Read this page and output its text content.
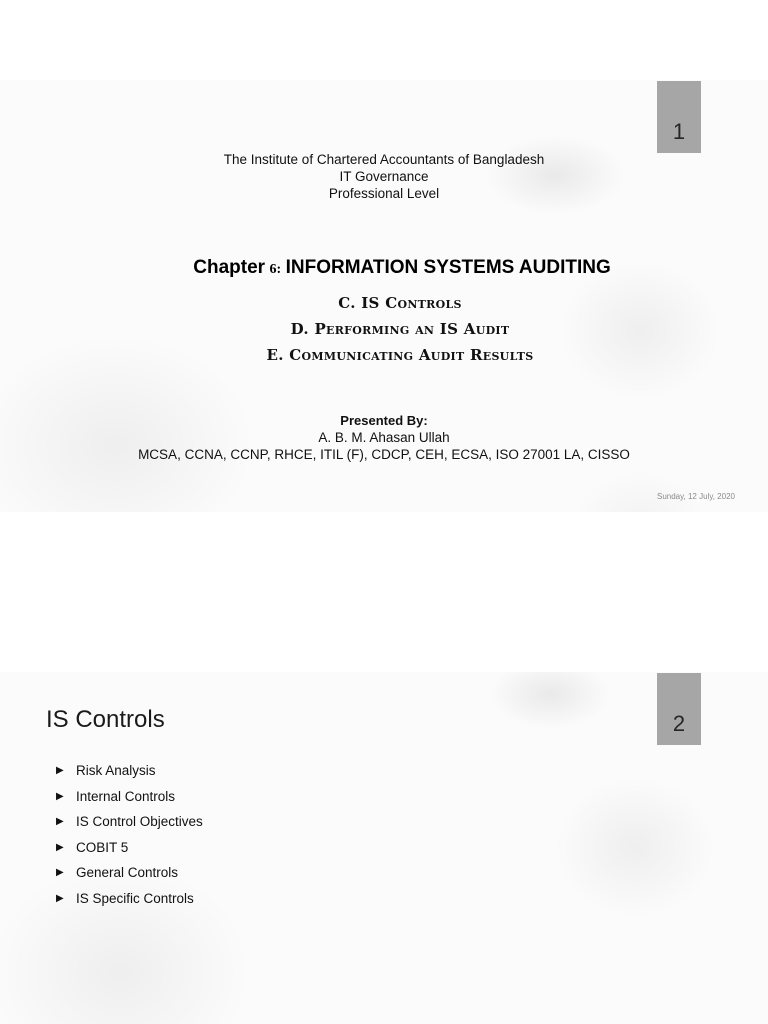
1
The Institute of Chartered Accountants of Bangladesh
IT Governance
Professional Level
Chapter 6: INFORMATION SYSTEMS AUDITING
C. IS Controls
D. Performing an IS Audit
E. Communicating Audit Results
Presented By:
A. B. M. Ahasan Ullah
MCSA, CCNA, CCNP, RHCE, ITIL (F), CDCP, CEH, ECSA, ISO 27001 LA, CISSO
Sunday, 12 July, 2020
2
IS Controls
▶ Risk Analysis
▶ Internal Controls
▶ IS Control Objectives
▶ COBIT 5
▶ General Controls
▶ IS Specific Controls
